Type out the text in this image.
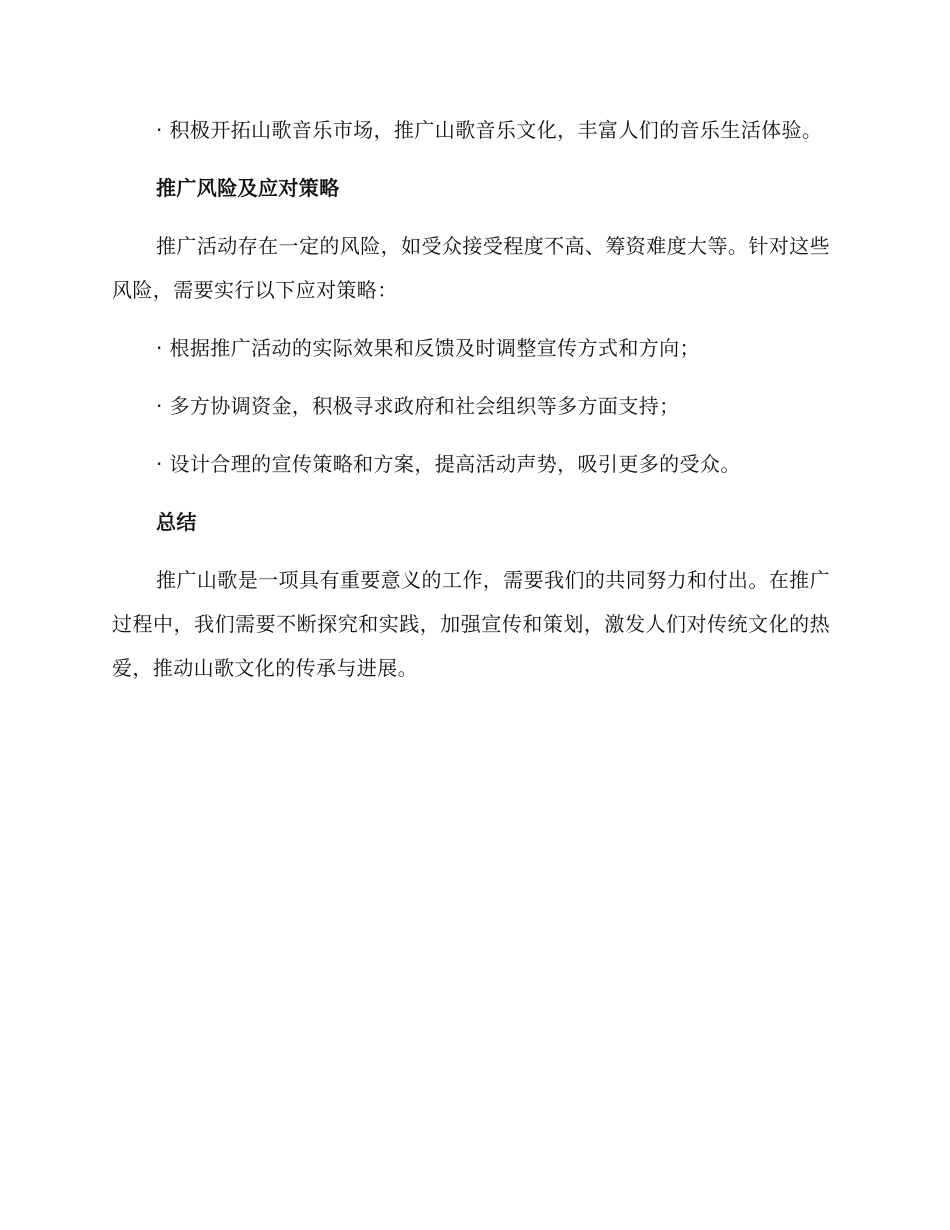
· 积极开拓山歌音乐市场，推广山歌音乐文化，丰富人们的音乐生活体验。

推广风险及应对策略

推广活动存在一定的风险，如受众接受程度不高、筹资难度大等。针对这些风险，需要实行以下应对策略：

· 根据推广活动的实际效果和反馈及时调整宣传方式和方向；

· 多方协调资金，积极寻求政府和社会组织等多方面支持；

· 设计合理的宣传策略和方案，提高活动声势，吸引更多的受众。

总结

推广山歌是一项具有重要意义的工作，需要我们的共同努力和付出。在推广过程中，我们需要不断探究和实践，加强宣传和策划，激发人们对传统文化的热爱，推动山歌文化的传承与进展。
